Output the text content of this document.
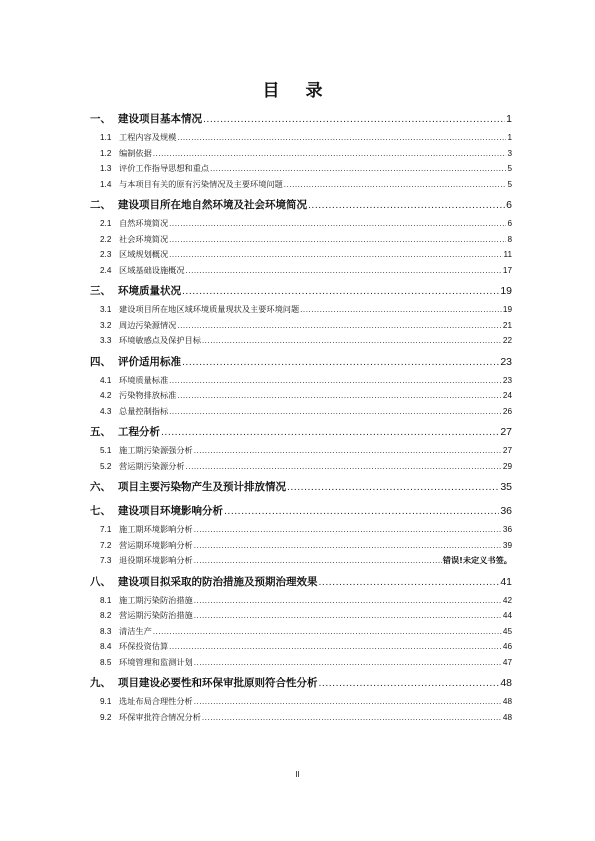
目 录
一、 建设项目基本情况 .....	1
1.1 工程内容及规模 .....	1
1.2 编制依据 .....	3
1.3 评价工作指导思想和重点 .....	5
1.4 与本项目有关的原有污染情况及主要环境问题 .....	5
二、 建设项目所在地自然环境及社会环境简况 .....	6
2.1 自然环境简况 .....	6
2.2 社会环境简况 .....	8
2.3 区域规划概况 .....	11
2.4 区域基础设施概况 .....	17
三、 环境质量状况 .....	19
3.1 建设项目所在地区域环境质量现状及主要环境问题 .....	19
3.2 周边污染源情况 .....	21
3.3 环境敏感点及保护目标 .....	22
四、 评价适用标准 .....	23
4.1 环境质量标准 .....	23
4.2 污染物排放标准 .....	24
4.3 总量控制指标 .....	26
五、 工程分析 .....	27
5.1 施工期污染源强分析 .....	27
5.2 营运期污染源分析 .....	29
六、 项目主要污染物产生及预计排放情况 .....	35
七、 建设项目环境影响分析 .....	36
7.1 施工期环境影响分析 .....	36
7.2 营运期环境影响分析 .....	39
7.3 退役期环境影响分析 .....	错误!未定义书签。
八、 建设项目拟采取的防治措施及预期治理效果 .....	41
8.1 施工期污染防治措施 .....	42
8.2 营运期污染防治措施 .....	44
8.3 清洁生产 .....	45
8.4 环保投资估算 .....	46
8.5 环境管理和监测计划 .....	47
九、 项目建设必要性和环保审批原则符合性分析 .....	48
9.1 选址布局合理性分析 .....	48
9.2 环保审批符合情况分析 .....	48
II
